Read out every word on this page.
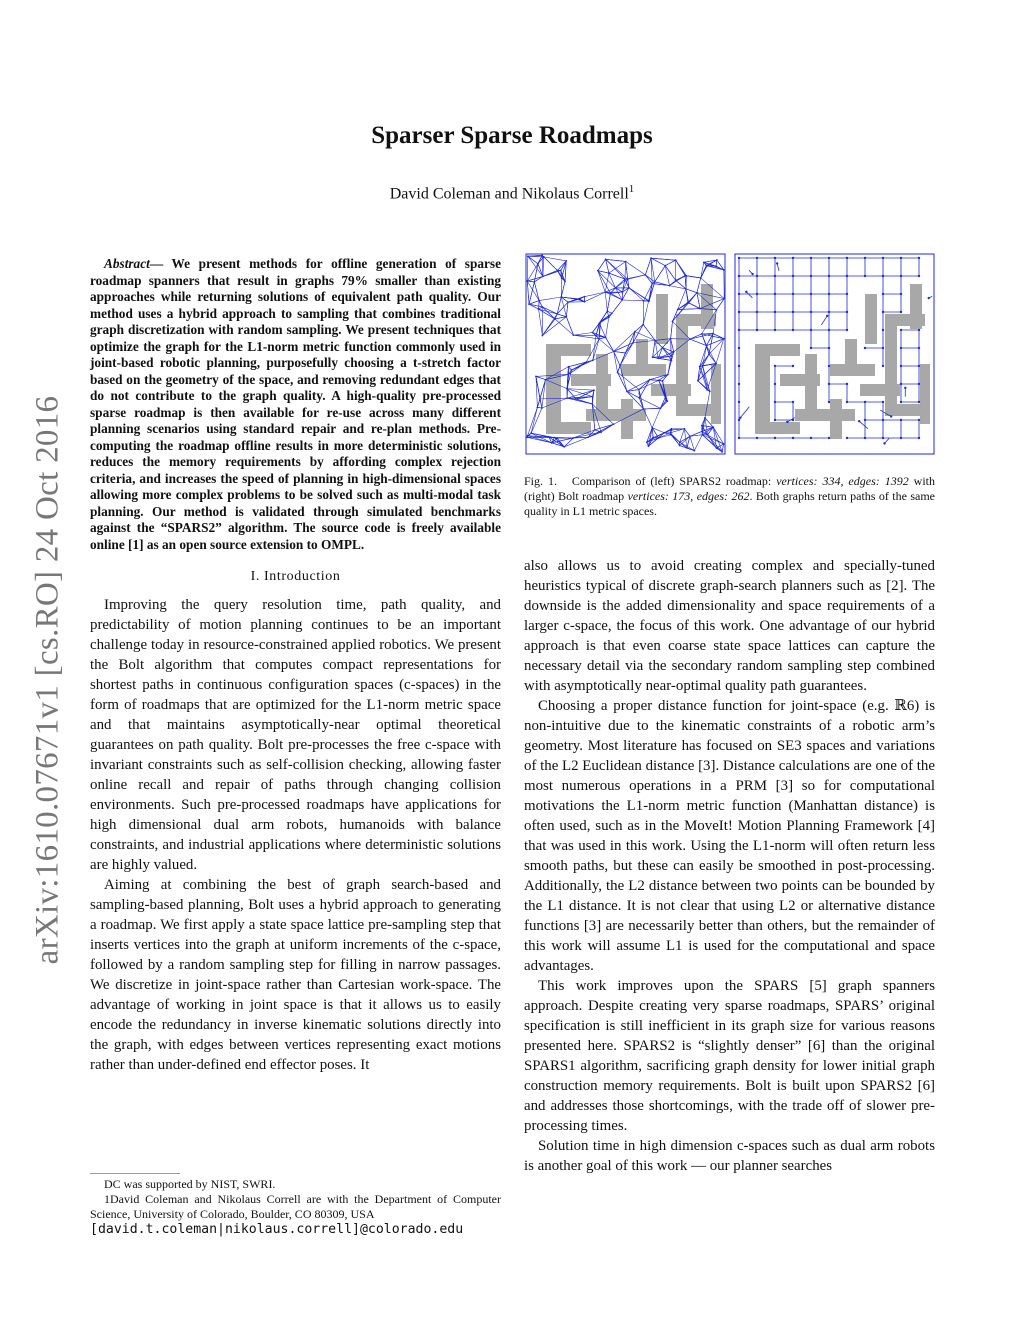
arXiv:1610.07671v1 [cs.RO] 24 Oct 2016
Sparser Sparse Roadmaps
David Coleman and Nikolaus Correll$^1$

Abstract— We present methods for offline generation of sparse roadmap spanners that result in graphs 79% smaller than existing approaches while returning solutions of equivalent path quality. Our method uses a hybrid approach to sampling that combines traditional graph discretization with random sampling. We present techniques that optimize the graph for the L1-norm metric function commonly used in joint-based robotic planning, purposefully choosing a t-stretch factor based on the geometry of the space, and removing redundant edges that do not contribute to the graph quality. A high-quality pre-processed sparse roadmap is then available for re-use across many different planning scenarios using standard repair and re-plan methods. Pre-computing the roadmap offline results in more deterministic solutions, reduces the memory requirements by affording complex rejection criteria, and increases the speed of planning in high-dimensional spaces allowing more complex problems to be solved such as multi-modal task planning. Our method is validated through simulated benchmarks against the “SPARS2” algorithm. The source code is freely available online [1] as an open source extension to OMPL.

I. Introduction

Improving the query resolution time, path quality, and predictability of motion planning continues to be an important challenge today in resource-constrained applied robotics. We present the Bolt algorithm that computes compact representations for shortest paths in continuous configuration spaces (c-spaces) in the form of roadmaps that are optimized for the L1-norm metric space and that maintains asymptotically-near optimal theoretical guarantees on path quality. Bolt pre-processes the free c-space with invariant constraints such as self-collision checking, allowing faster online recall and repair of paths through changing collision environments. Such pre-processed roadmaps have applications for high dimensional dual arm robots, humanoids with balance constraints, and industrial applications where deterministic solutions are highly valued.

Aiming at combining the best of graph search-based and sampling-based planning, Bolt uses a hybrid approach to generating a roadmap. We first apply a state space lattice pre-sampling step that inserts vertices into the graph at uniform increments of the c-space, followed by a random sampling step for filling in narrow passages. We discretize in joint-space rather than Cartesian work-space. The advantage of working in joint space is that it allows us to easily encode the redundancy in inverse kinematic solutions directly into the graph, with edges between vertices representing exact motions rather than under-defined end effector poses. It

DC was supported by NIST, SWRI.

1David Coleman and Nikolaus Correll are with the Department of Computer Science, University of Colorado, Boulder, CO 80309, USA

[david.t.coleman|nikolaus.correll]@colorado.edu
Fig. 1. Comparison of (left) SPARS2 roadmap: vertices: 334, edges: 1392 with (right) Bolt roadmap vertices: 173, edges: 262. Both graphs return paths of the same quality in L1 metric spaces.

also allows us to avoid creating complex and specially-tuned heuristics typical of discrete graph-search planners such as [2]. The downside is the added dimensionality and space requirements of a larger c-space, the focus of this work. One advantage of our hybrid approach is that even coarse state space lattices can capture the necessary detail via the secondary random sampling step combined with asymptotically near-optimal quality path guarantees.

Choosing a proper distance function for joint-space (e.g. ℝ6) is non-intuitive due to the kinematic constraints of a robotic arm’s geometry. Most literature has focused on SE3 spaces and variations of the L2 Euclidean distance [3]. Distance calculations are one of the most numerous operations in a PRM [3] so for computational motivations the L1-norm metric function (Manhattan distance) is often used, such as in the MoveIt! Motion Planning Framework [4] that was used in this work. Using the L1-norm will often return less smooth paths, but these can easily be smoothed in post-processing. Additionally, the L2 distance between two points can be bounded by the L1 distance. It is not clear that using L2 or alternative distance functions [3] are necessarily better than others, but the remainder of this work will assume L1 is used for the computational and space advantages.

This work improves upon the SPARS [5] graph spanners approach. Despite creating very sparse roadmaps, SPARS’ original specification is still inefficient in its graph size for various reasons presented here. SPARS2 is “slightly denser” [6] than the original SPARS1 algorithm, sacrificing graph density for lower initial graph construction memory requirements. Bolt is built upon SPARS2 [6] and addresses those shortcomings, with the trade off of slower pre-processing times.

Solution time in high dimension c-spaces such as dual arm robots is another goal of this work — our planner searches
